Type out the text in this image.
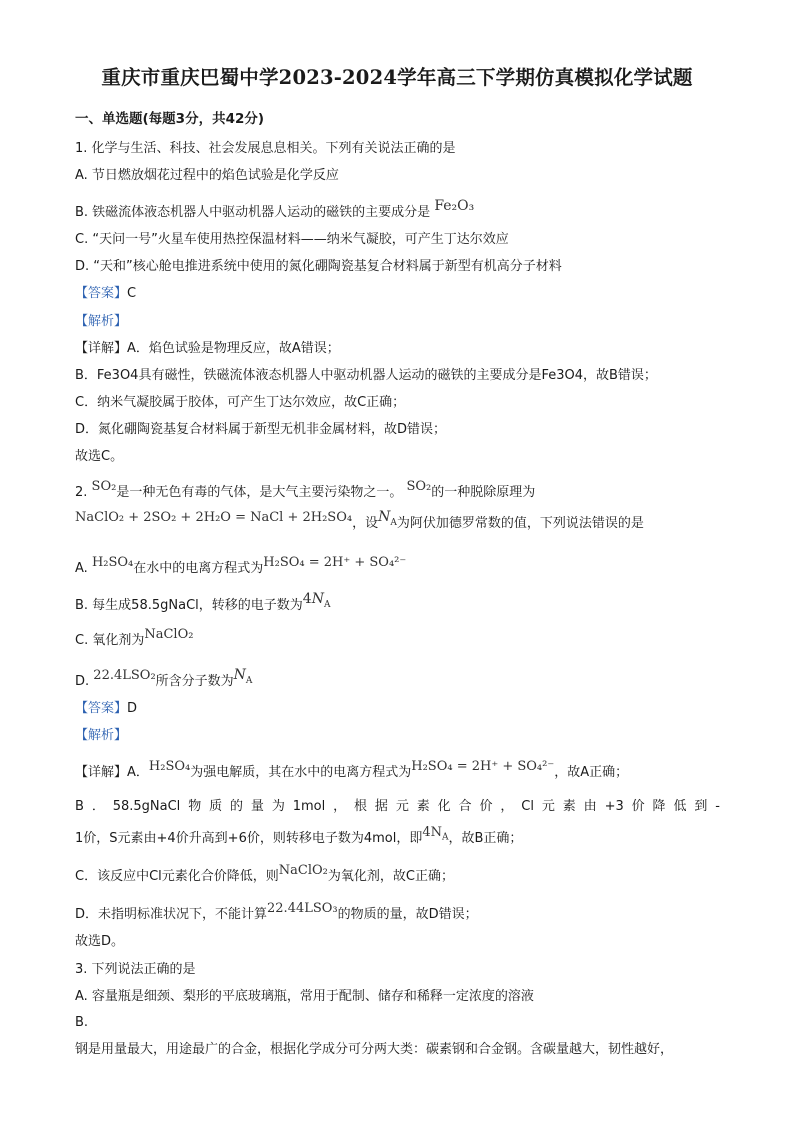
重庆市重庆巴蜀中学2023-2024学年高三下学期仿真模拟化学试题
一、单选题(每题3分，共42分)
1. 化学与生活、科技、社会发展息息相关。下列有关说法正确的是
A. 节日燃放烟花过程中的焰色试验是化学反应
B. 铁磁流体液态机器人中驱动机器人运动的磁铁的主要成分是 Fe₂O₃
C. “天问一号”火星车使用热控保温材料——纳米气凝胶，可产生丁达尔效应
D. “天和”核心舱电推进系统中使用的氮化硼陶瓷基复合材料属于新型有机高分子材料
【答案】C
【解析】
【详解】A．焰色试验是物理反应，故A错误；
B．Fe3O4具有磁性，铁磁流体液态机器人中驱动机器人运动的磁铁的主要成分是Fe3O4，故B错误；
C．纳米气凝胶属于胶体，可产生丁达尔效应，故C正确；
D．氮化硼陶瓷基复合材料属于新型无机非金属材料，故D错误；
故选C。
2. SO₂是一种无色有毒的气体，是大气主要污染物之一。 SO₂的一种脱除原理为
NaClO₂ + 2SO₂ + 2H₂O = NaCl + 2H₂SO₄，设$N_A$为阿伏加德罗常数的值，下列说法错误的是
A. H₂SO₄在水中的电离方程式为H₂SO₄ = 2H⁺ + SO₄²⁻
B. 每生成58.5gNaCl，转移的电子数为$4N_A$
C. 氧化剂为NaClO₂
D. 22.4LSO₂所含分子数为$N_A$
【答案】D
【解析】
【详解】A．H₂SO₄为强电解质，其在水中的电离方程式为H₂SO₄ = 2H⁺ + SO₄²⁻，故A正确；
B ． 58.5gNaCl 物 质 的 量 为 1mol ， 根 据 元 素 化 合 价 ， Cl 元 素 由 +3 价 降 低 到 -
1价，S元素由+4价升高到+6价，则转移电子数为4mol，即$4N_A$，故B正确；
C．该反应中Cl元素化合价降低，则NaClO₂为氧化剂，故C正确；
D．未指明标准状况下，不能计算22.44LSO₃的物质的量，故D错误；
故选D。
3. 下列说法正确的是
A. 容量瓶是细颈、梨形的平底玻璃瓶，常用于配制、储存和稀释一定浓度的溶液
B.
钢是用量最大，用途最广的合金，根据化学成分可分两大类：碳素钢和合金钢。含碳量越大，韧性越好，
